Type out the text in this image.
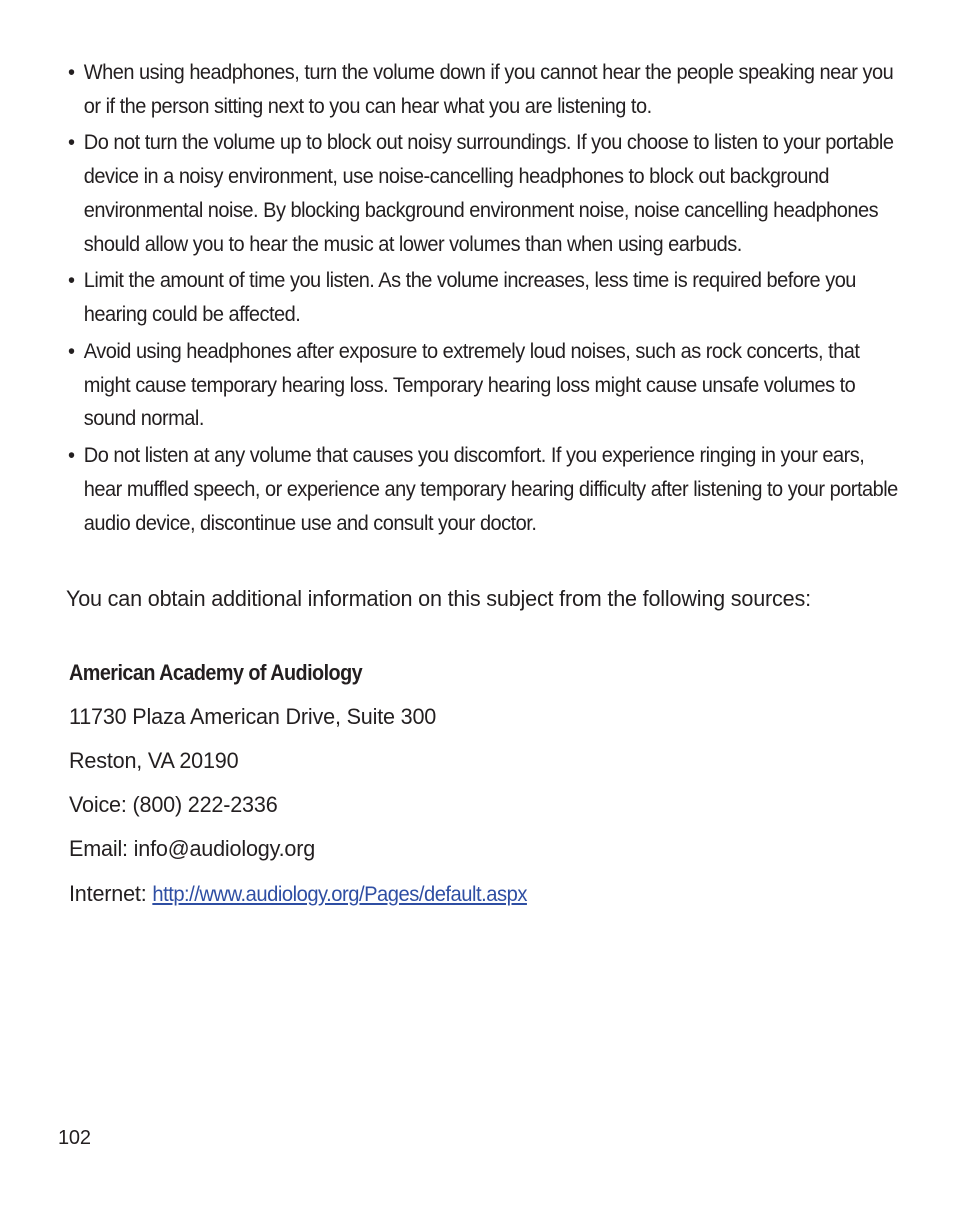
• When using headphones, turn the volume down if you cannot hear the people speaking near you or if the person sitting next to you can hear what you are listening to.
• Do not turn the volume up to block out noisy surroundings. If you choose to listen to your portable device in a noisy environment, use noise-cancelling headphones to block out background environmental noise. By blocking background environment noise, noise cancelling headphones should allow you to hear the music at lower volumes than when using earbuds.
• Limit the amount of time you listen. As the volume increases, less time is required before you hearing could be affected.
• Avoid using headphones after exposure to extremely loud noises, such as rock concerts, that might cause temporary hearing loss. Temporary hearing loss might cause unsafe volumes to sound normal.
• Do not listen at any volume that causes you discomfort. If you experience ringing in your ears, hear muffled speech, or experience any temporary hearing difficulty after listening to your portable audio device, discontinue use and consult your doctor.

You can obtain additional information on this subject from the following sources:

American Academy of Audiology

11730 Plaza American Drive, Suite 300

Reston, VA 20190

Voice: (800) 222-2336

Email: info@audiology.org

Internet: http://www.audiology.org/Pages/default.aspx

102
